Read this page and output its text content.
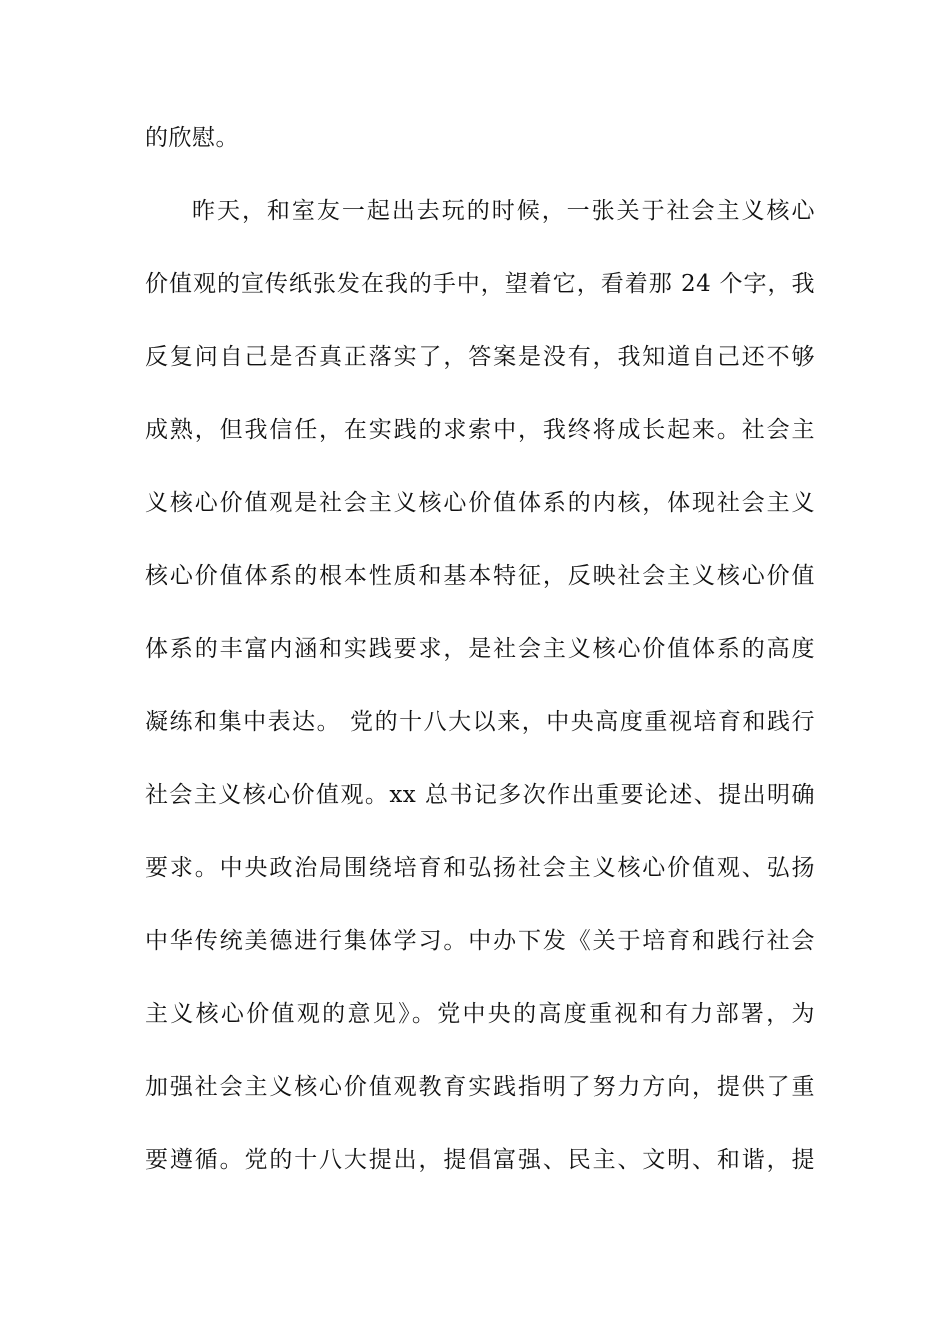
的欣慰。

昨天，和室友一起出去玩的时候，一张关于社会主义核心

价值观的宣传纸张发在我的手中，望着它，看着那 24 个字，我

反复问自己是否真正落实了，答案是没有，我知道自己还不够

成熟，但我信任，在实践的求索中，我终将成长起来。社会主

义核心价值观是社会主义核心价值体系的内核，体现社会主义

核心价值体系的根本性质和基本特征，反映社会主义核心价值

体系的丰富内涵和实践要求，是社会主义核心价值体系的高度

凝练和集中表达。 党的十八大以来，中央高度重视培育和践行

社会主义核心价值观。xx 总书记多次作出重要论述、提出明确

要求。中央政治局围绕培育和弘扬社会主义核心价值观、弘扬

中华传统美德进行集体学习。中办下发《关于培育和践行社会

主义核心价值观的意见》。党中央的高度重视和有力部署，为

加强社会主义核心价值观教育实践指明了努力方向，提供了重

要遵循。党的十八大提出，提倡富强、民主、文明、和谐，提
